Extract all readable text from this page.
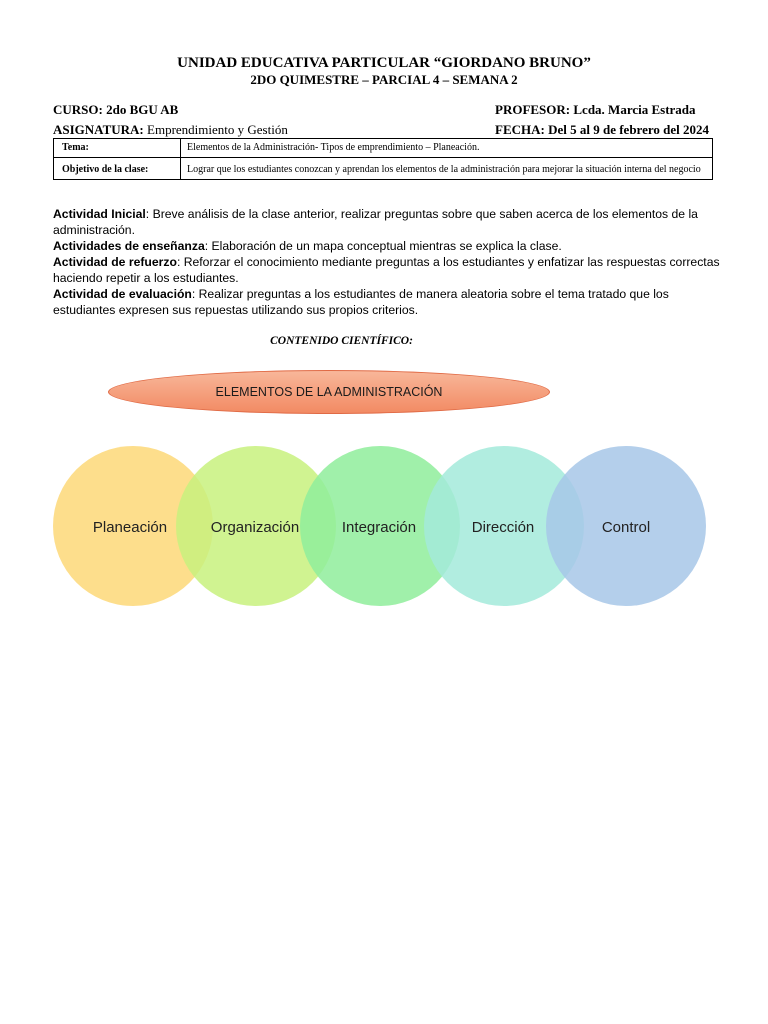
UNIDAD EDUCATIVA PARTICULAR “GIORDANO BRUNO”
2DO QUIMESTRE – PARCIAL 4 – SEMANA 2
CURSO: 2do BGU AB	PROFESOR: Lcda. Marcia Estrada
ASIGNATURA: Emprendimiento y Gestión	FECHA: Del 5 al 9 de febrero del 2024
Tema:	Elementos de la Administración- Tipos de emprendimiento – Planeación.
Objetivo de la clase:	Lograr que los estudiantes conozcan y aprendan los elementos de la administración para mejorar la situación interna del negocio

Actividad Inicial: Breve análisis de la clase anterior, realizar preguntas sobre que saben acerca de los elementos de la administración.

Actividades de enseñanza: Elaboración de un mapa conceptual mientras se explica la clase.

Actividad de refuerzo: Reforzar el conocimiento mediante preguntas a los estudiantes y enfatizar las respuestas correctas haciendo repetir a los estudiantes.

Actividad de evaluación: Realizar preguntas a los estudiantes de manera aleatoria sobre el tema tratado que los estudiantes expresen sus repuestas utilizando sus propios criterios.

CONTENIDO CIENTÍFICO:
ELEMENTOS DE LA ADMINISTRACIÓN
Planeación	Organización	Integración	Dirección	Control
